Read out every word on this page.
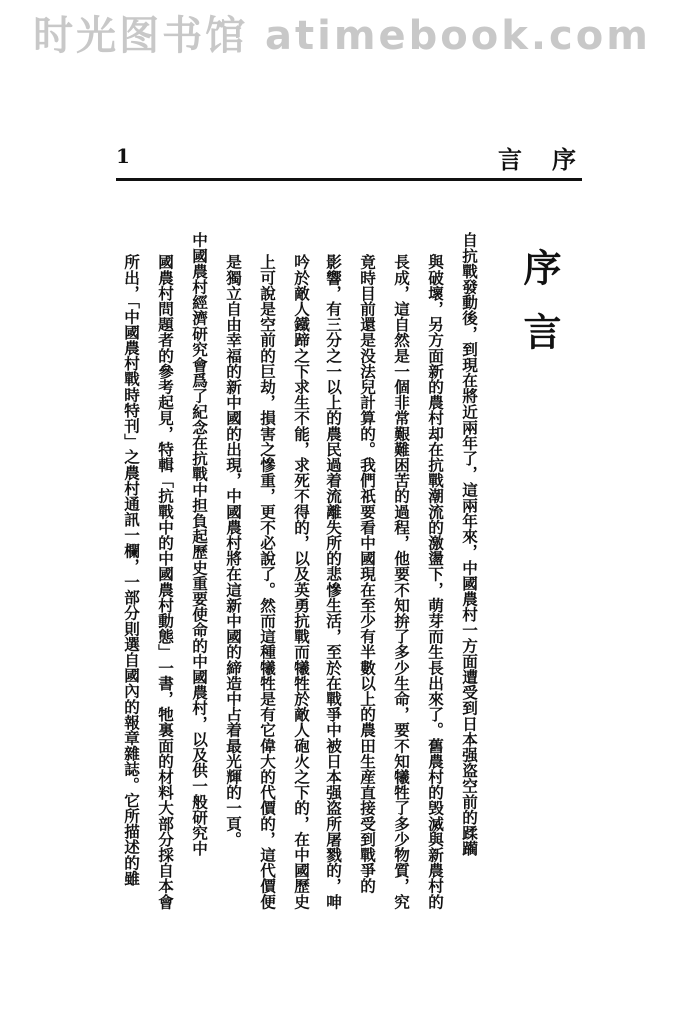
时光图书馆 atimebook.com
1	言 序
序言
自抗戰發動後，到現在將近兩年了，這兩年來，中國農村一方面遭受到日本强盗空前的蹂躏
與破壞，另方面新的農村却在抗戰潮流的激盪下，萌芽而生長出來了。舊農村的毁滅與新農村的
長成，這自然是一個非常艱難困苦的過程，他要不知拚了多少生命，要不知犧牲了多少物質，究
竟時目前還是没法兒計算的。我們祇要看中國現在至少有半數以上的農田生産直接受到戰爭的
影響，有三分之一以上的農民過着流離失所的悲慘生活，至於在戰爭中被日本强盗所屠戮的，呻
吟於敵人鐵蹄之下求生不能，求死不得的，以及英勇抗戰而犧牲於敵人砲火之下的，在中國歷史
上可說是空前的巨劫，損害之慘重，更不必說了。然而這種犧牲是有它偉大的代價的，這代價便
是獨立自由幸福的新中國的出現，中國農村將在這新中國的締造中占着最光輝的一頁。
中國農村經濟研究會爲了紀念在抗戰中担負起歷史重要使命的中國農村，以及供一般研究中
國農村問題者的參考起見，特輯「抗戰中的中國農村動態」一書，牠裏面的材料大部分採自本會
所出，「中國農村戰時特刊」之農村通訊一欄，一部分則選自國內的報章雜誌。它所描述的雖
